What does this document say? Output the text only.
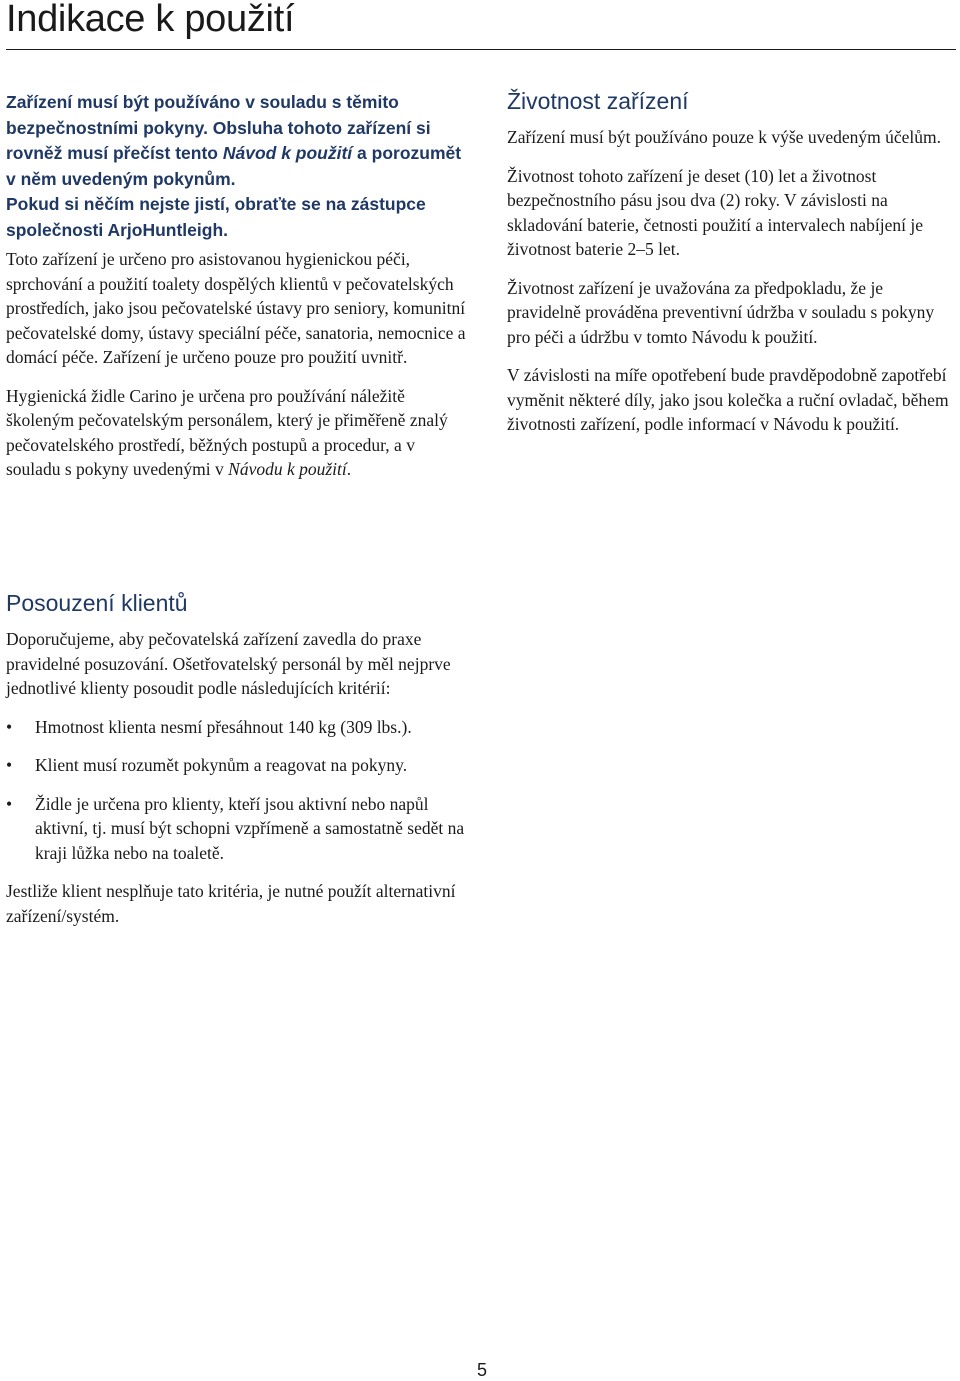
Indikace k použití

Zařízení musí být používáno v souladu s těmito bezpečnostními pokyny. Obsluha tohoto zařízení si rovněž musí přečíst tento Návod k použití a porozumět v něm uvedeným pokynům.

Pokud si něčím nejste jistí, obraťte se na zástupce společnosti ArjoHuntleigh.

Toto zařízení je určeno pro asistovanou hygienickou péči, sprchování a použití toalety dospělých klientů v pečovatelských prostředích, jako jsou pečovatelské ústavy pro seniory, komunitní pečovatelské domy, ústavy speciální péče, sanatoria, nemocnice a domácí péče. Zařízení je určeno pouze pro použití uvnitř.

Hygienická židle Carino je určena pro používání náležitě školeným pečovatelským personálem, který je přiměřeně znalý pečovatelského prostředí, běžných postupů a procedur, a v souladu s pokyny uvedenými v Návodu k použití.

Životnost zařízení

Zařízení musí být používáno pouze k výše uvedeným účelům.

Životnost tohoto zařízení je deset (10) let a životnost bezpečnostního pásu jsou dva (2) roky. V závislosti na skladování baterie, četnosti použití a intervalech nabíjení je životnost baterie 2–5 let.

Životnost zařízení je uvažována za předpokladu, že je pravidelně prováděna preventivní údržba v souladu s pokyny pro péči a údržbu v tomto Návodu k použití.

V závislosti na míře opotřebení bude pravděpodobně zapotřebí vyměnit některé díly, jako jsou kolečka a ruční ovladač, během životnosti zařízení, podle informací v Návodu k použití.

Posouzení klientů

Doporučujeme, aby pečovatelská zařízení zavedla do praxe pravidelné posuzování. Ošetřovatelský personál by měl nejprve jednotlivé klienty posoudit podle následujících kritérií:

• Hmotnost klienta nesmí přesáhnout 140 kg (309 lbs.).
• Klient musí rozumět pokynům a reagovat na pokyny.
• Židle je určena pro klienty, kteří jsou aktivní nebo napůl aktivní, tj. musí být schopni vzpřímeně a samostatně sedět na kraji lůžka nebo na toaletě.

Jestliže klient nesplňuje tato kritéria, je nutné použít alternativní zařízení/systém.

5
